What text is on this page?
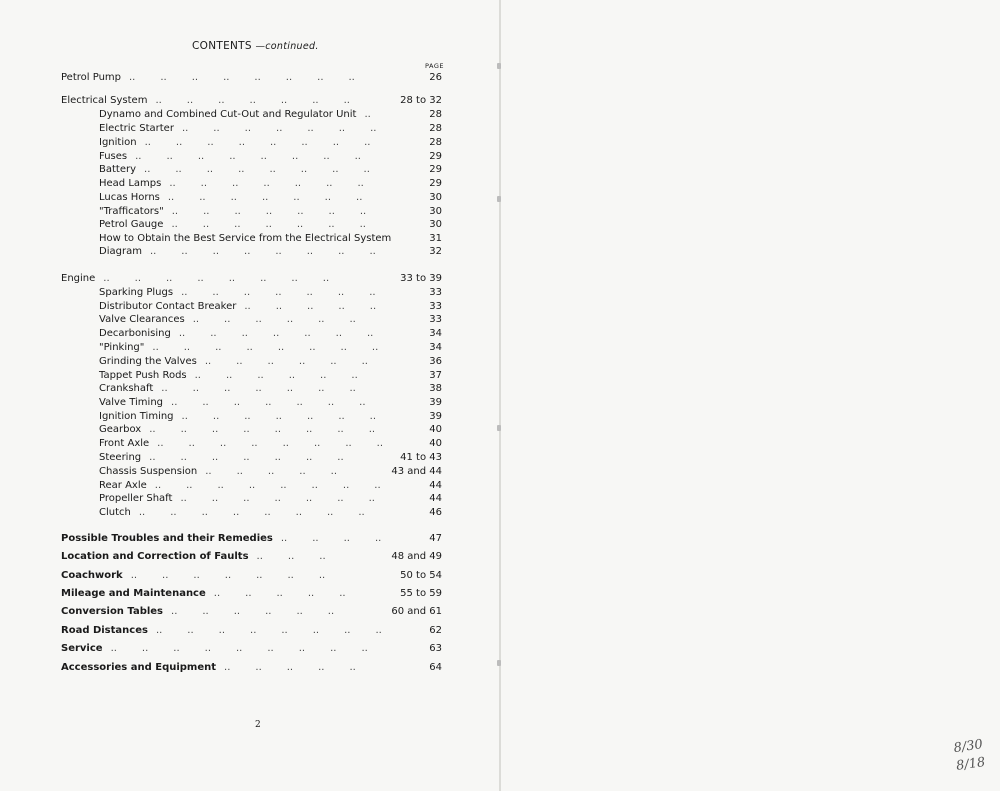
CONTENTS —continued.
PAGE
Petrol Pump	26
..   ..   ..   ..   ..   ..   ..   ..
Electrical System	28 to 32
..   ..   ..   ..   ..   ..   ..
Dynamo and Combined Cut-Out and Regulator Unit	28
..
Electric Starter	28
..   ..   ..   ..   ..   ..   ..
Ignition	28
..   ..   ..   ..   ..   ..   ..   ..
Fuses	29
..   ..   ..   ..   ..   ..   ..   ..
Battery	29
..   ..   ..   ..   ..   ..   ..   ..
Head Lamps	29
..   ..   ..   ..   ..   ..   ..
Lucas Horns	30
..   ..   ..   ..   ..   ..   ..
"Trafficators"	30
..   ..   ..   ..   ..   ..   ..
Petrol Gauge	30
..   ..   ..   ..   ..   ..   ..
How to Obtain the Best Service from the Electrical System	31
Diagram	32
..   ..   ..   ..   ..   ..   ..   ..
Engine	33 to 39
..   ..   ..   ..   ..   ..   ..   ..
Sparking Plugs	33
..   ..   ..   ..   ..   ..   ..
Distributor Contact Breaker	33
..   ..   ..   ..   ..
Valve Clearances	33
..   ..   ..   ..   ..   ..
Decarbonising	34
..   ..   ..   ..   ..   ..   ..
"Pinking"	34
..   ..   ..   ..   ..   ..   ..   ..
Grinding the Valves	36
..   ..   ..   ..   ..   ..
Tappet Push Rods	37
..   ..   ..   ..   ..   ..
Crankshaft	38
..   ..   ..   ..   ..   ..   ..
Valve Timing	39
..   ..   ..   ..   ..   ..   ..
Ignition Timing	39
..   ..   ..   ..   ..   ..   ..
Gearbox	40
..   ..   ..   ..   ..   ..   ..   ..
Front Axle	40
..   ..   ..   ..   ..   ..   ..   ..
Steering	41 to 43
..   ..   ..   ..   ..   ..   ..
Chassis Suspension	43 and 44
..   ..   ..   ..   ..
Rear Axle	44
..   ..   ..   ..   ..   ..   ..   ..
Propeller Shaft	44
..   ..   ..   ..   ..   ..   ..
Clutch	46
..   ..   ..   ..   ..   ..   ..   ..
Possible Troubles and their Remedies	47
..   ..   ..   ..
Location and Correction of Faults	48 and 49
..   ..   ..
Coachwork	50 to 54
..   ..   ..   ..   ..   ..   ..
Mileage and Maintenance	55 to 59
..   ..   ..   ..   ..
Conversion Tables	60 and 61
..   ..   ..   ..   ..   ..
Road Distances	62
..   ..   ..   ..   ..   ..   ..   ..
Service	63
..   ..   ..   ..   ..   ..   ..   ..   ..
Accessories and Equipment	64
..   ..   ..   ..   ..
2
8/30
8/18
